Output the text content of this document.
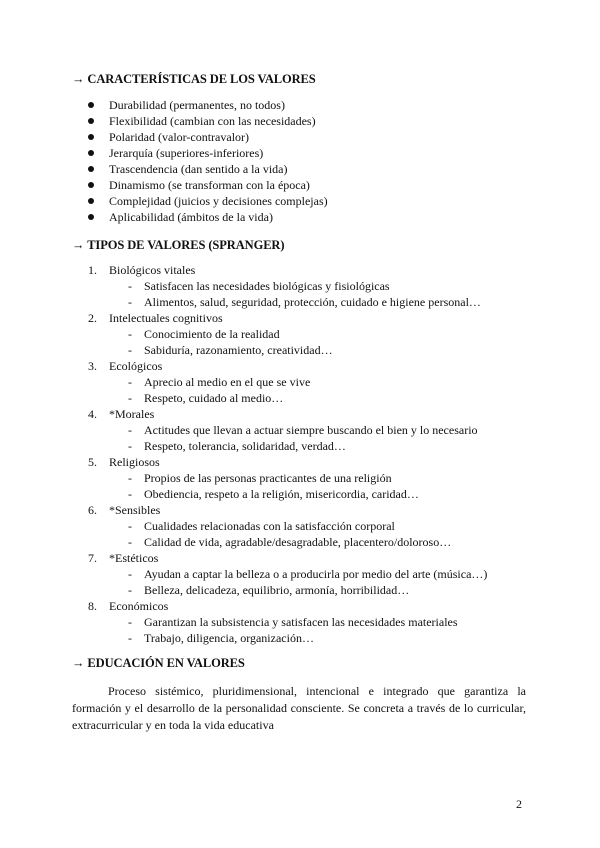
→ CARACTERÍSTICAS DE LOS VALORES
Durabilidad (permanentes, no todos)
Flexibilidad (cambian con las necesidades)
Polaridad (valor-contravalor)
Jerarquía (superiores-inferiores)
Trascendencia (dan sentido a la vida)
Dinamismo (se transforman con la época)
Complejidad (juicios y decisiones complejas)
Aplicabilidad (ámbitos de la vida)
→ TIPOS DE VALORES (SPRANGER)
1.	Biológicos vitales
- Satisfacen las necesidades biológicas y fisiológicas
- Alimentos, salud, seguridad, protección, cuidado e higiene personal…
2.	Intelectuales cognitivos
- Conocimiento de la realidad
- Sabiduría, razonamiento, creatividad…
3.	Ecológicos
- Aprecio al medio en el que se vive
- Respeto, cuidado al medio…
4.	*Morales
- Actitudes que llevan a actuar siempre buscando el bien y lo necesario
- Respeto, tolerancia, solidaridad, verdad…
5.	Religiosos
- Propios de las personas practicantes de una religión
- Obediencia, respeto a la religión, misericordia, caridad…
6.	*Sensibles
- Cualidades relacionadas con la satisfacción corporal
- Calidad de vida, agradable/desagradable, placentero/doloroso…
7.	*Estéticos
- Ayudan a captar la belleza o a producirla por medio del arte (música…)
- Belleza, delicadeza, equilibrio, armonía, horribilidad…
8.	Económicos
- Garantizan la subsistencia y satisfacen las necesidades materiales
- Trabajo, diligencia, organización…
→ EDUCACIÓN EN VALORES

Proceso sistémico, pluridimensional, intencional e integrado que garantiza la formación y el desarrollo de la personalidad consciente. Se concreta a través de lo curricular, extracurricular y en toda la vida educativa

2
